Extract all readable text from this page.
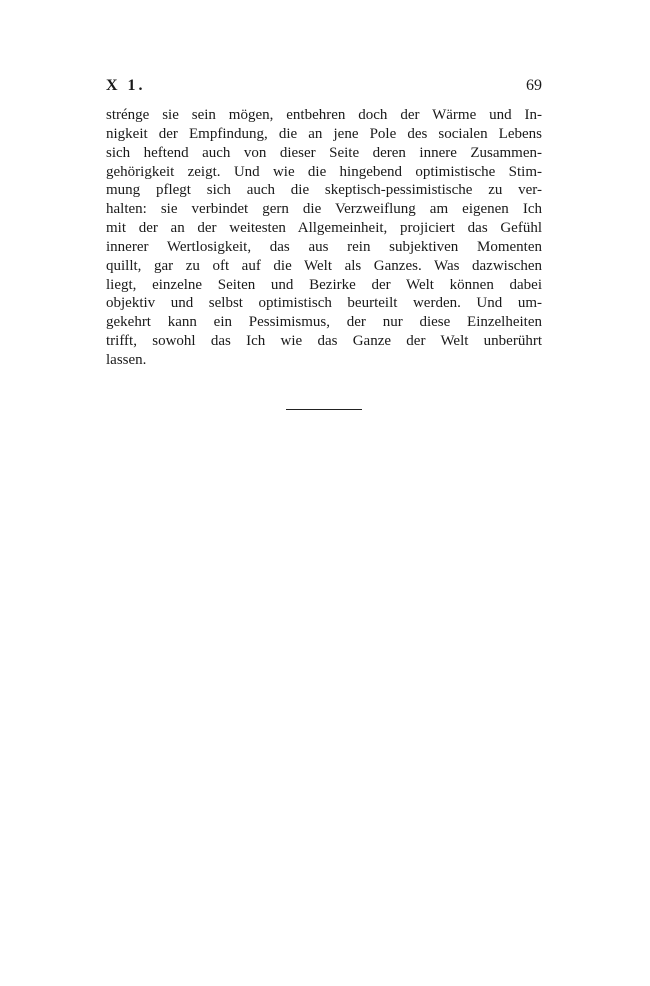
X 1.	69
strénge sie sein mögen, entbehren doch der Wärme und In-
nigkeit der Empfindung, die an jene Pole des socialen Lebens
sich heftend auch von dieser Seite deren innere Zusammen-
gehörigkeit zeigt. Und wie die hingebend optimistische Stim-
mung pflegt sich auch die skeptisch-pessimistische zu ver-
halten: sie verbindet gern die Verzweiflung am eigenen Ich
mit der an der weitesten Allgemeinheit, projiciert das Gefühl
innerer Wertlosigkeit, das aus rein subjektiven Momenten
quillt, gar zu oft auf die Welt als Ganzes. Was dazwischen
liegt, einzelne Seiten und Bezirke der Welt können dabei
objektiv und selbst optimistisch beurteilt werden. Und um-
gekehrt kann ein Pessimismus, der nur diese Einzelheiten
trifft, sowohl das Ich wie das Ganze der Welt unberührt
lassen.
